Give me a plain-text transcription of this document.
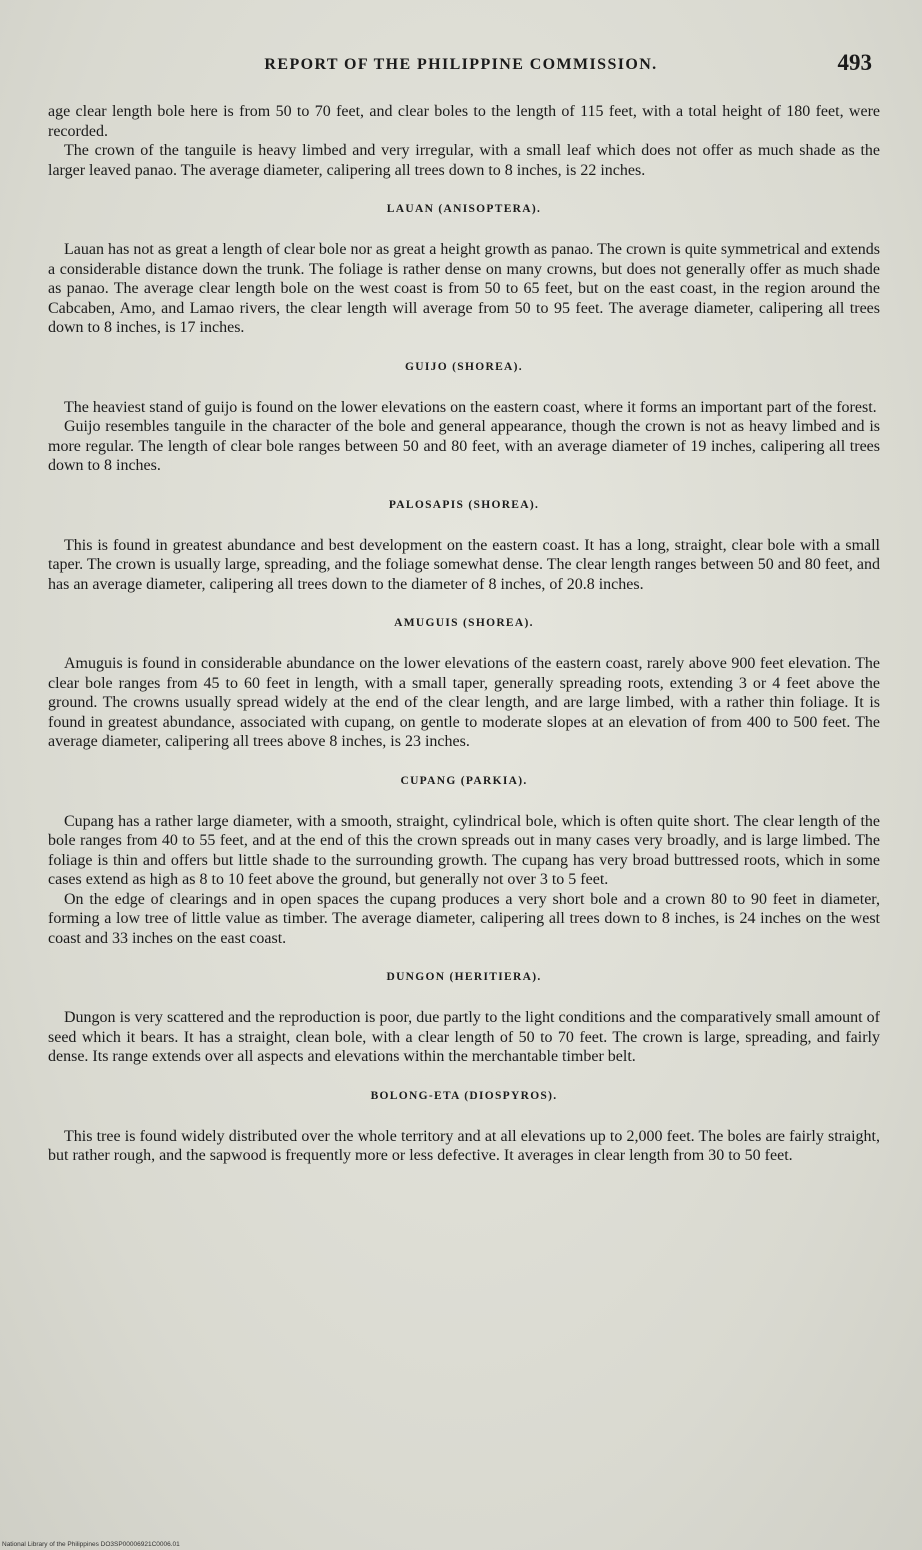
REPORT OF THE PHILIPPINE COMMISSION.	493

age clear length bole here is from 50 to 70 feet, and clear boles to the length of 115 feet, with a total height of 180 feet, were recorded.

The crown of the tanguile is heavy limbed and very irregular, with a small leaf which does not offer as much shade as the larger leaved panao. The average diameter, calipering all trees down to 8 inches, is 22 inches.

LAUAN (ANISOPTERA).

Lauan has not as great a length of clear bole nor as great a height growth as panao. The crown is quite symmetrical and extends a considerable distance down the trunk. The foliage is rather dense on many crowns, but does not generally offer as much shade as panao. The average clear length bole on the west coast is from 50 to 65 feet, but on the east coast, in the region around the Cabcaben, Amo, and Lamao rivers, the clear length will average from 50 to 95 feet. The average diameter, calipering all trees down to 8 inches, is 17 inches.

GUIJO (SHOREA).

The heaviest stand of guijo is found on the lower elevations on the eastern coast, where it forms an important part of the forest.

Guijo resembles tanguile in the character of the bole and general appearance, though the crown is not as heavy limbed and is more regular. The length of clear bole ranges between 50 and 80 feet, with an average diameter of 19 inches, calipering all trees down to 8 inches.

PALOSAPIS (SHOREA).

This is found in greatest abundance and best development on the eastern coast. It has a long, straight, clear bole with a small taper. The crown is usually large, spreading, and the foliage somewhat dense. The clear length ranges between 50 and 80 feet, and has an average diameter, calipering all trees down to the diameter of 8 inches, of 20.8 inches.

AMUGUIS (SHOREA).

Amuguis is found in considerable abundance on the lower elevations of the eastern coast, rarely above 900 feet elevation. The clear bole ranges from 45 to 60 feet in length, with a small taper, generally spreading roots, extending 3 or 4 feet above the ground. The crowns usually spread widely at the end of the clear length, and are large limbed, with a rather thin foliage. It is found in greatest abundance, associated with cupang, on gentle to moderate slopes at an elevation of from 400 to 500 feet. The average diameter, calipering all trees above 8 inches, is 23 inches.

CUPANG (PARKIA).

Cupang has a rather large diameter, with a smooth, straight, cylindrical bole, which is often quite short. The clear length of the bole ranges from 40 to 55 feet, and at the end of this the crown spreads out in many cases very broadly, and is large limbed. The foliage is thin and offers but little shade to the surrounding growth. The cupang has very broad buttressed roots, which in some cases extend as high as 8 to 10 feet above the ground, but generally not over 3 to 5 feet.

On the edge of clearings and in open spaces the cupang produces a very short bole and a crown 80 to 90 feet in diameter, forming a low tree of little value as timber. The average diameter, calipering all trees down to 8 inches, is 24 inches on the west coast and 33 inches on the east coast.

DUNGON (HERITIERA).

Dungon is very scattered and the reproduction is poor, due partly to the light conditions and the comparatively small amount of seed which it bears. It has a straight, clean bole, with a clear length of 50 to 70 feet. The crown is large, spreading, and fairly dense. Its range extends over all aspects and elevations within the merchantable timber belt.

BOLONG-ETA (DIOSPYROS).

This tree is found widely distributed over the whole territory and at all elevations up to 2,000 feet. The boles are fairly straight, but rather rough, and the sapwood is frequently more or less defective. It averages in clear length from 30 to 50 feet.

National Library of the Philippines DO3SP00006921C0006.01
